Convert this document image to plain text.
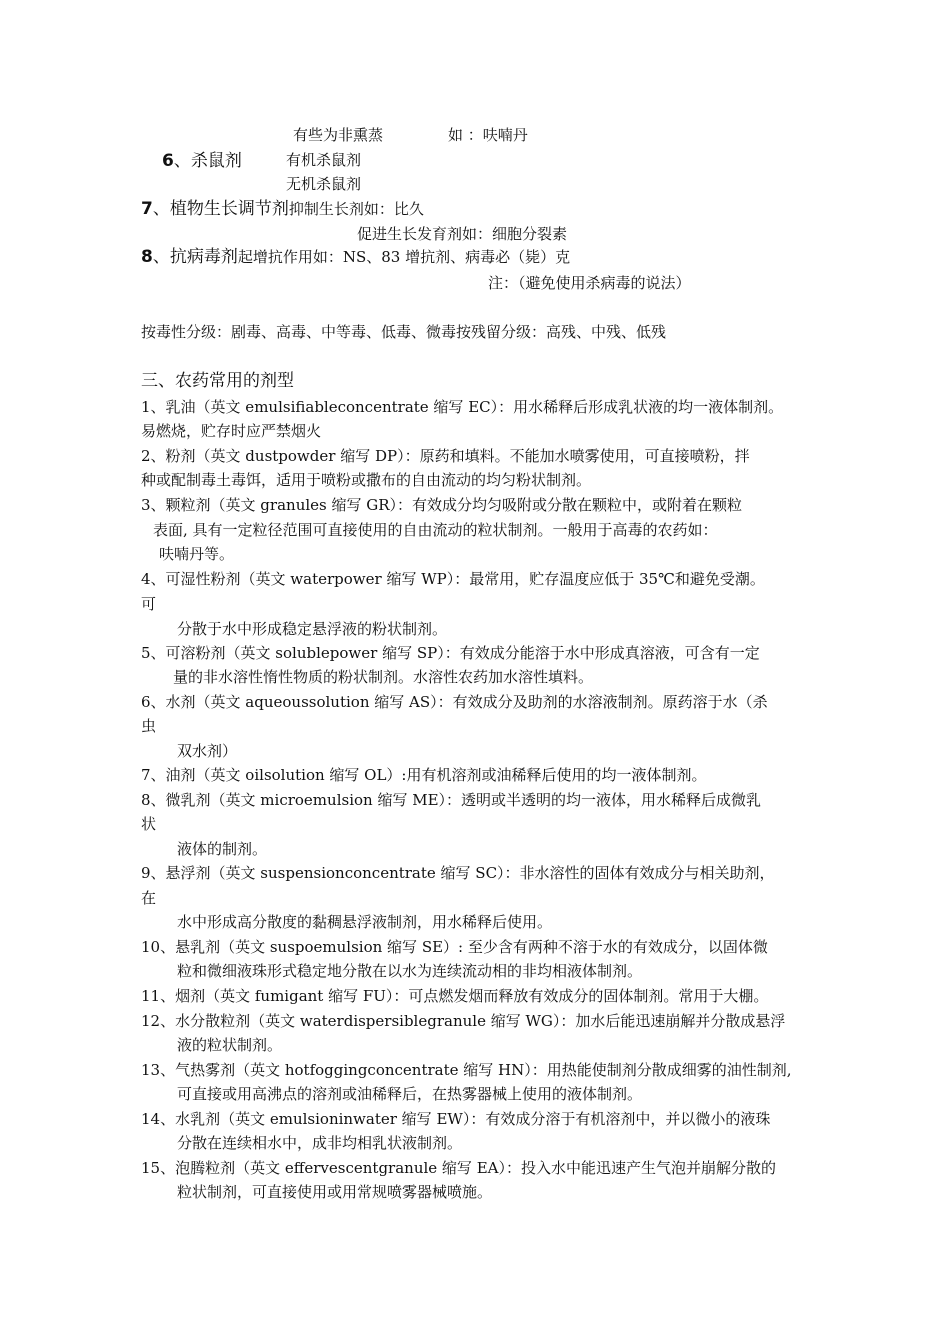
有些为非熏蒸	如 ：呋喃丹
6、杀鼠剂	有机杀鼠剂
无机杀鼠剂
7、植物生长调节剂抑制生长剂如：比久
促进生长发育剂如：细胞分裂素
8、抗病毒剂起增抗作用如：NS、83 增抗剂、病毒必（毙）克
注：（避免使用杀病毒的说法）
按毒性分级：剧毒、高毒、中等毒、低毒、微毒按残留分级：高残、中残、低残
三、农药常用的剂型
1、乳油（英文 emulsifiableconcentrate 缩写 EC）：用水稀释后形成乳状液的均一液体制剂。
易燃烧，贮存时应严禁烟火
2、粉剂（英文 dustpowder 缩写 DP）：原药和填料。不能加水喷雾使用，可直接喷粉，拌
种或配制毒土毒饵，适用于喷粉或撒布的自由流动的均匀粉状制剂。
3、颗粒剂（英文 granules 缩写 GR）：有效成分均匀吸附或分散在颗粒中，或附着在颗粒
表面, 具有一定粒径范围可直接使用的自由流动的粒状制剂。一般用于高毒的农药如：
呋喃丹等。
4、可湿性粉剂（英文 waterpower 缩写 WP）：最常用，贮存温度应低于 35℃和避免受潮。
可
分散于水中形成稳定悬浮液的粉状制剂。
5、可溶粉剂（英文 solublepower 缩写 SP）：有效成分能溶于水中形成真溶液，可含有一定
量的非水溶性惰性物质的粉状制剂。水溶性农药加水溶性填料。
6、水剂（英文 aqueoussolution 缩写 AS）：有效成分及助剂的水溶液制剂。原药溶于水（杀
虫
双水剂）
7、油剂（英文 oilsolution 缩写 OL）:用有机溶剂或油稀释后使用的均一液体制剂。
8、微乳剂（英文 microemulsion 缩写 ME）：透明或半透明的均一液体，用水稀释后成微乳
状
液体的制剂。
9、悬浮剂（英文 suspensionconcentrate 缩写 SC）：非水溶性的固体有效成分与相关助剂，
在
水中形成高分散度的黏稠悬浮液制剂，用水稀释后使用。
10、悬乳剂（英文 suspoemulsion 缩写 SE）: 至少含有两种不溶于水的有效成分，以固体微
粒和微细液珠形式稳定地分散在以水为连续流动相的非均相液体制剂。
11、烟剂（英文 fumigant 缩写 FU）：可点燃发烟而释放有效成分的固体制剂。常用于大棚。
12、水分散粒剂（英文 waterdispersiblegranule 缩写 WG）：加水后能迅速崩解并分散成悬浮
液的粒状制剂。
13、气热雾剂（英文 hotfoggingconcentrate 缩写 HN）：用热能使制剂分散成细雾的油性制剂,
可直接或用高沸点的溶剂或油稀释后，在热雾器械上使用的液体制剂。
14、水乳剂（英文 emulsioninwater 缩写 EW）：有效成分溶于有机溶剂中，并以微小的液珠
分散在连续相水中，成非均相乳状液制剂。
15、泡腾粒剂（英文 effervescentgranule 缩写 EA）：投入水中能迅速产生气泡并崩解分散的
粒状制剂，可直接使用或用常规喷雾器械喷施。
